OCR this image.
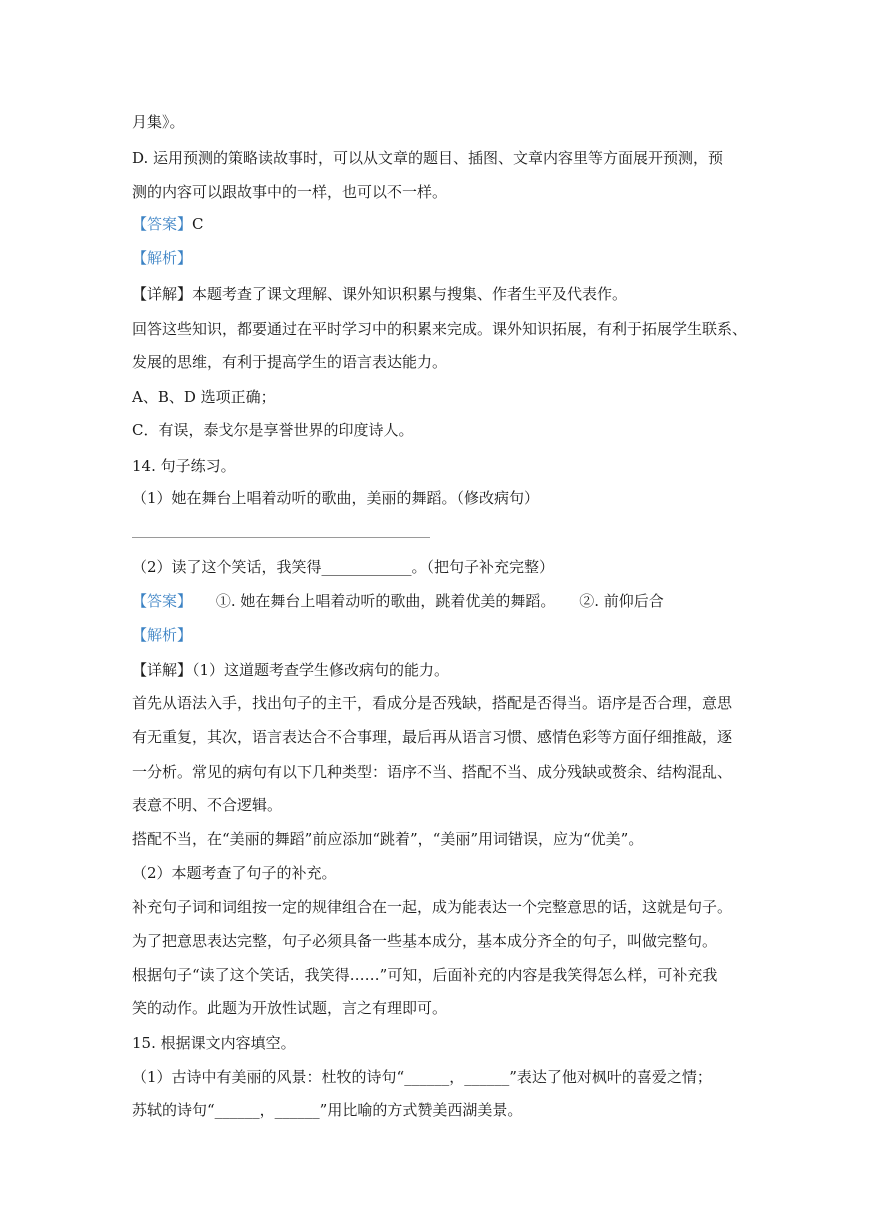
月集》。
D. 运用预测的策略读故事时，可以从文章的题目、插图、文章内容里等方面展开预测，预
测的内容可以跟故事中的一样，也可以不一样。
【答案】C
【解析】
【详解】本题考查了课文理解、课外知识积累与搜集、作者生平及代表作。
回答这些知识，都要通过在平时学习中的积累来完成。课外知识拓展，有利于拓展学生联系、
发展的思维，有利于提高学生的语言表达能力。
A、B、D 选项正确；
C．有误，泰戈尔是享誉世界的印度诗人。
14. 句子练习。
（1）她在舞台上唱着动听的歌曲，美丽的舞蹈。（修改病句）
（2）读了这个笑话，我笑得____________。（把句子补充完整）
【答案】     ①. 她在舞台上唱着动听的歌曲，跳着优美的舞蹈。     ②. 前仰后合
【解析】
【详解】（1）这道题考查学生修改病句的能力。
首先从语法入手，找出句子的主干，看成分是否残缺，搭配是否得当。语序是否合理，意思
有无重复，其次，语言表达合不合事理，最后再从语言习惯、感情色彩等方面仔细推敲，逐
一分析。常见的病句有以下几种类型：语序不当、搭配不当、成分残缺或赘余、结构混乱、
表意不明、不合逻辑。
搭配不当，在“美丽的舞蹈”前应添加“跳着”，“美丽”用词错误，应为“优美”。
（2）本题考查了句子的补充。
补充句子词和词组按一定的规律组合在一起，成为能表达一个完整意思的话，这就是句子。
为了把意思表达完整，句子必须具备一些基本成分，基本成分齐全的句子，叫做完整句。
根据句子“读了这个笑话，我笑得……”可知，后面补充的内容是我笑得怎么样，可补充我
笑的动作。此题为开放性试题，言之有理即可。
15. 根据课文内容填空。
（1）古诗中有美丽的风景：杜牧的诗句“______，______”表达了他对枫叶的喜爱之情；
苏轼的诗句“______，______”用比喻的方式赞美西湖美景。
